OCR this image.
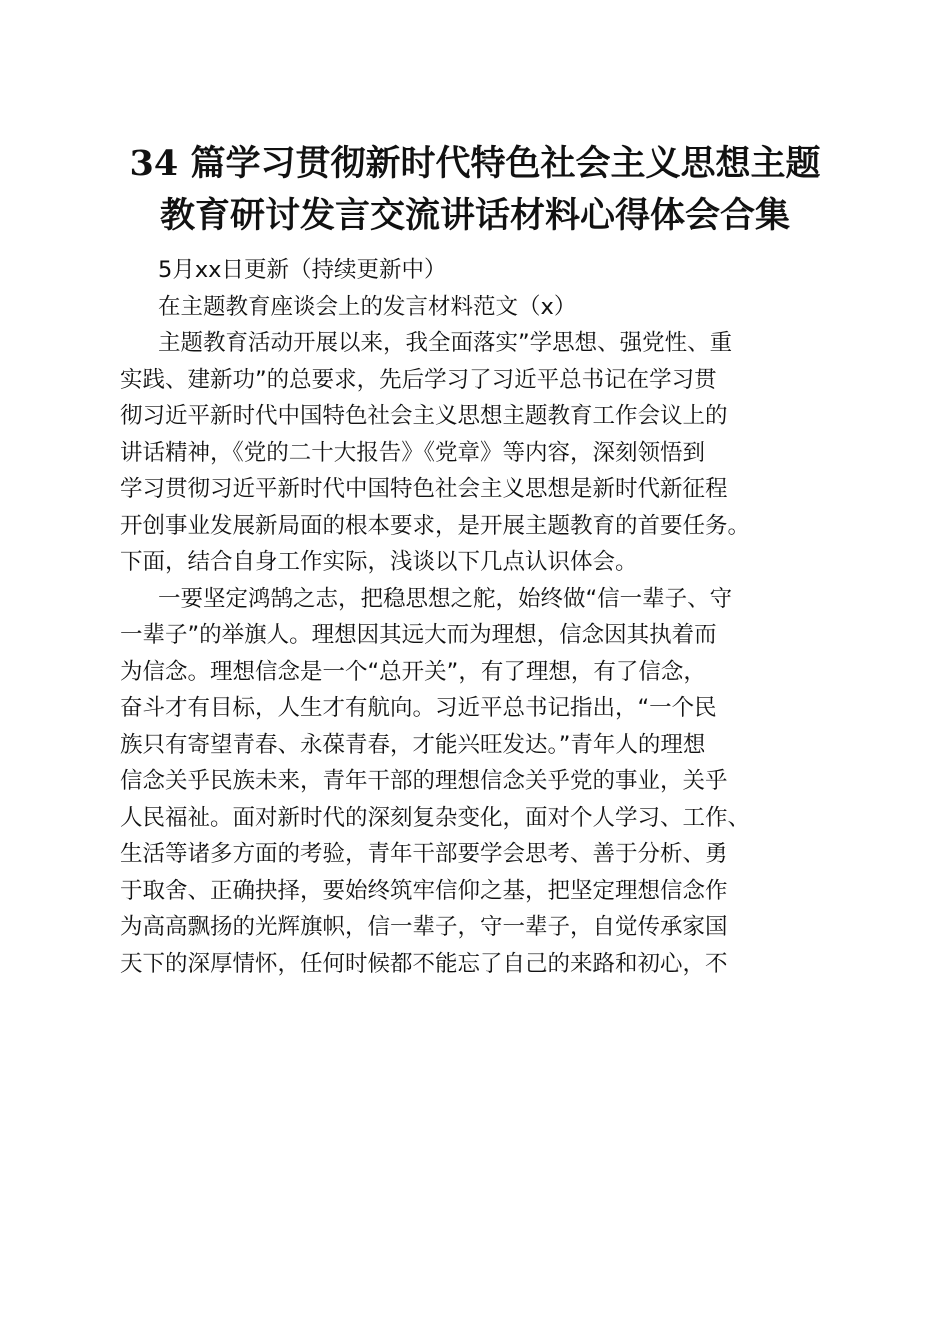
34 篇学习贯彻新时代特色社会主义思想主题
教育研讨发言交流讲话材料心得体会合集

5月xx日更新（持续更新中）

在主题教育座谈会上的发言材料范文（x）

主题教育活动开展以来，我全面落实”学思想、强党性、重
实践、建新功”的总要求，先后学习了习近平总书记在学习贯
彻习近平新时代中国特色社会主义思想主题教育工作会议上的
讲话精神，《党的二十大报告》《党章》等内容，深刻领悟到
学习贯彻习近平新时代中国特色社会主义思想是新时代新征程
开创事业发展新局面的根本要求，是开展主题教育的首要任务。
下面，结合自身工作实际，浅谈以下几点认识体会。

一要坚定鸿鹄之志，把稳思想之舵，始终做“信一辈子、守
一辈子”的举旗人。理想因其远大而为理想，信念因其执着而
为信念。理想信念是一个“总开关”，有了理想，有了信念，
奋斗才有目标，人生才有航向。习近平总书记指出，“一个民
族只有寄望青春、永葆青春，才能兴旺发达。”青年人的理想
信念关乎民族未来，青年干部的理想信念关乎党的事业，关乎
人民福祉。面对新时代的深刻复杂变化，面对个人学习、工作、
生活等诸多方面的考验，青年干部要学会思考、善于分析、勇
于取舍、正确抉择，要始终筑牢信仰之基，把坚定理想信念作
为高高飘扬的光辉旗帜，信一辈子，守一辈子，自觉传承家国
天下的深厚情怀，任何时候都不能忘了自己的来路和初心，不
